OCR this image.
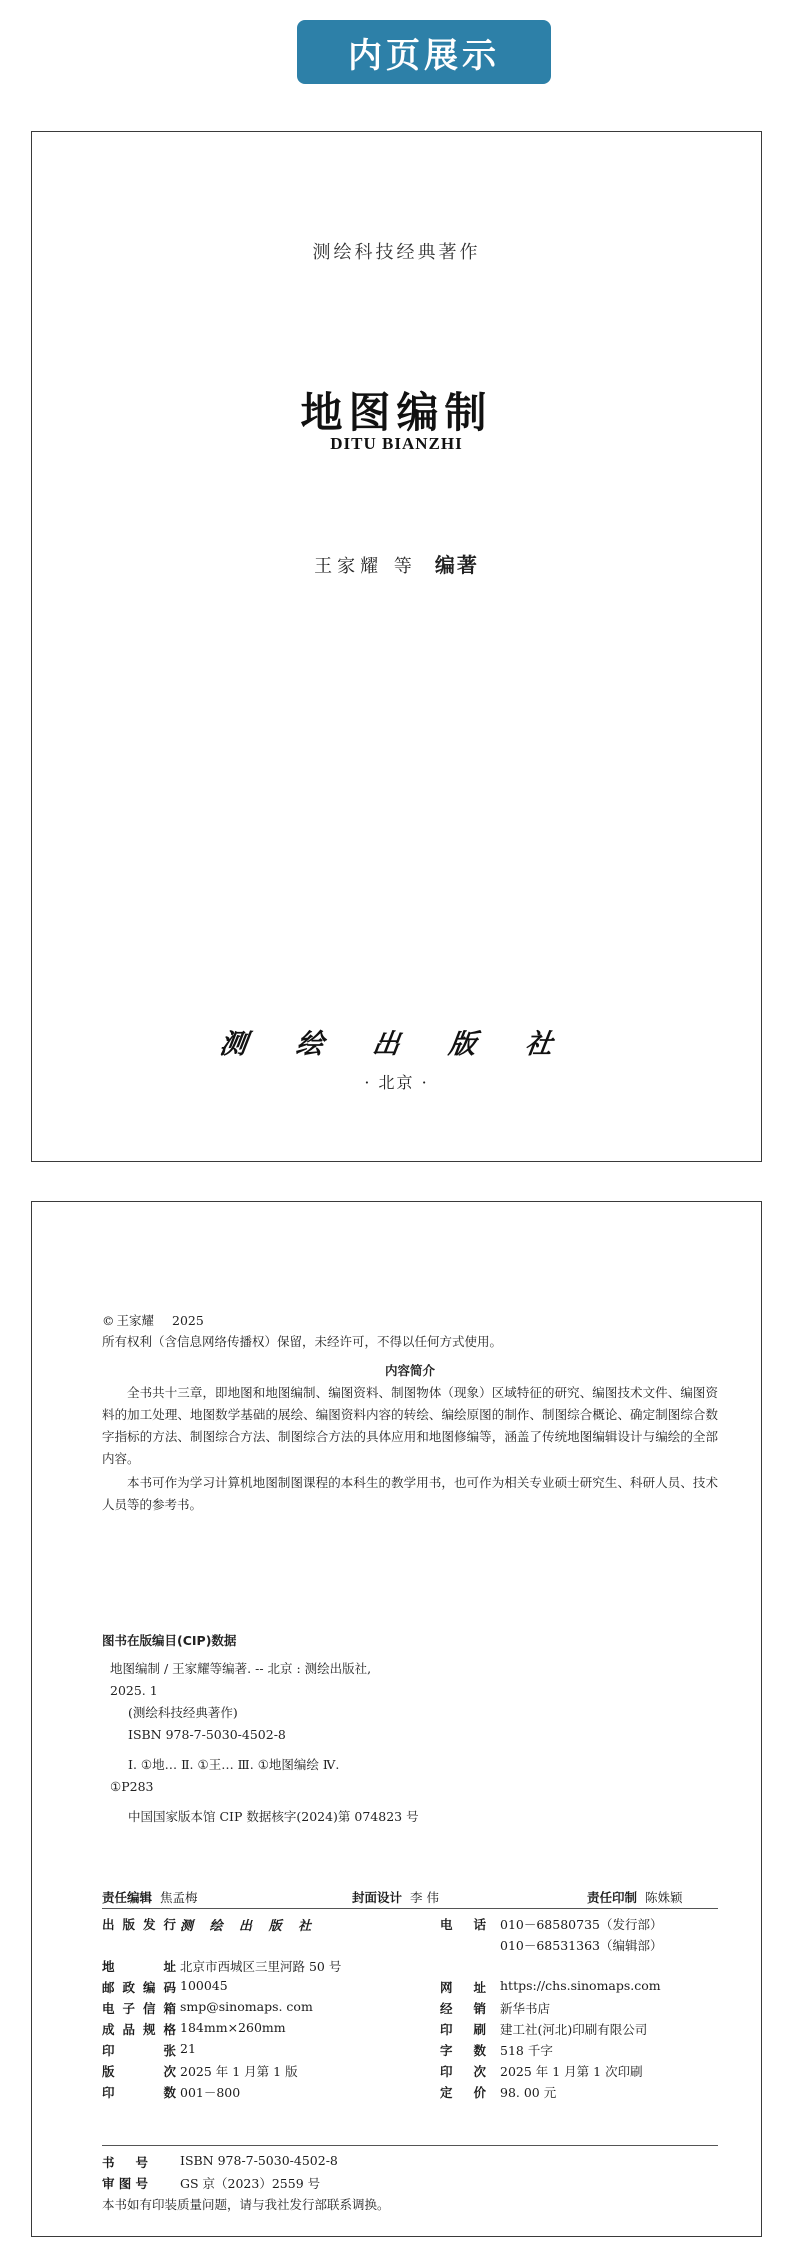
内页展示
测绘科技经典著作
地图编制
DITU BIANZHI
王家耀 等 编著
测 绘 出 版 社
· 北京 ·
© 王家耀 2025
所有权利（含信息网络传播权）保留，未经许可，不得以任何方式使用。
内容简介
全书共十三章，即地图和地图编制、编图资料、制图物体（现象）区域特征的研究、编图技术文件、编图资料的加工处理、地图数学基础的展绘、编图资料内容的转绘、编绘原图的制作、制图综合概论、确定制图综合数字指标的方法、制图综合方法、制图综合方法的具体应用和地图修编等，涵盖了传统地图编辑设计与编绘的全部内容。
本书可作为学习计算机地图制图课程的本科生的教学用书，也可作为相关专业硕士研究生、科研人员、技术人员等的参考书。
图书在版编目(CIP)数据
地图编制 / 王家耀等编著. -- 北京 : 测绘出版社,
2025. 1
(测绘科技经典著作)
ISBN 978-7-5030-4502-8
Ⅰ. ①地… Ⅱ. ①王… Ⅲ. ①地图编绘 Ⅳ.
①P283
中国国家版本馆 CIP 数据核字(2024)第 074823 号
责任编辑 焦孟梅	封面设计 李 伟	责任印制 陈姝颖
出版发行 测 绘 出 版 社	电 话 010－68580735（发行部）
010－68531363（编辑部）
地　　址 北京市西城区三里河路 50 号
邮政编码 100045	网 址 https://chs.sinomaps.com
电子信箱 smp@sinomaps. com	经 销 新华书店
成品规格 184mm×260mm	印 刷 建工社(河北)印刷有限公司
印　　张 21	字 数 518 千字
版　　次 2025 年 1 月第 1 版	印 次 2025 年 1 月第 1 次印刷
印　　数 001－800	定 价 98. 00 元
书　号	ISBN 978-7-5030-4502-8
审图号	GS 京（2023）2559 号
本书如有印装质量问题，请与我社发行部联系调换。
